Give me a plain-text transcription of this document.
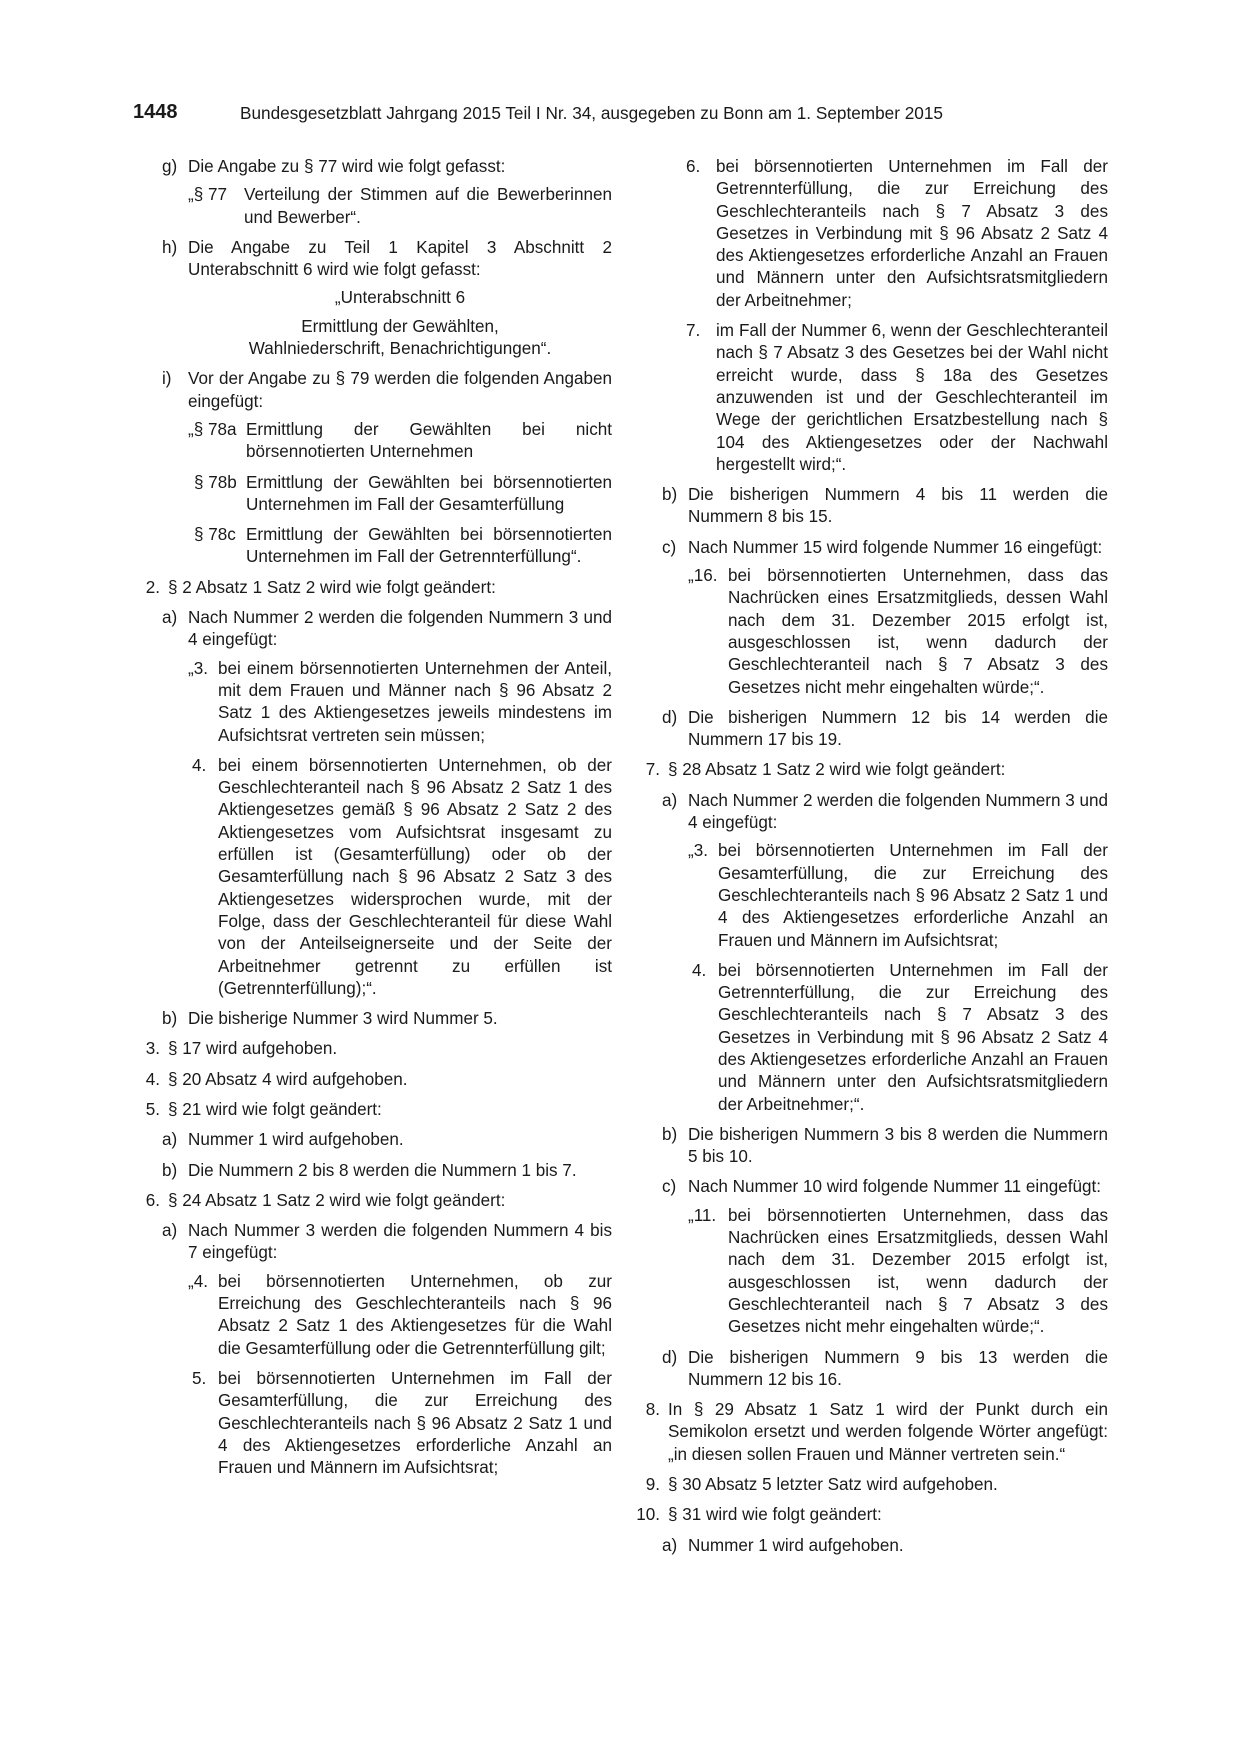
1448	Bundesgesetzblatt Jahrgang 2015 Teil I Nr. 34, ausgegeben zu Bonn am 1. September 2015
g) Die Angabe zu § 77 wird wie folgt gefasst:
„§ 77 Verteilung der Stimmen auf die Bewerberinnen und Bewerber“.
h) Die Angabe zu Teil 1 Kapitel 3 Abschnitt 2 Unterabschnitt 6 wird wie folgt gefasst:
„Unterabschnitt 6
Ermittlung der Gewählten,
Wahlniederschrift, Benachrichtigungen“.
i) Vor der Angabe zu § 79 werden die folgenden Angaben eingefügt:
„§ 78a Ermittlung der Gewählten bei nicht börsennotierten Unternehmen
§ 78b Ermittlung der Gewählten bei börsennotierten Unternehmen im Fall der Gesamterfüllung
§ 78c Ermittlung der Gewählten bei börsennotierten Unternehmen im Fall der Getrennterfüllung“.
2. § 2 Absatz 1 Satz 2 wird wie folgt geändert:
a) Nach Nummer 2 werden die folgenden Nummern 3 und 4 eingefügt:
„3. bei einem börsennotierten Unternehmen der Anteil, mit dem Frauen und Männer nach § 96 Absatz 2 Satz 1 des Aktiengesetzes jeweils mindestens im Aufsichtsrat vertreten sein müssen;
4. bei einem börsennotierten Unternehmen, ob der Geschlechteranteil nach § 96 Absatz 2 Satz 1 des Aktiengesetzes gemäß § 96 Absatz 2 Satz 2 des Aktiengesetzes vom Aufsichtsrat insgesamt zu erfüllen ist (Gesamterfüllung) oder ob der Gesamterfüllung nach § 96 Absatz 2 Satz 3 des Aktiengesetzes widersprochen wurde, mit der Folge, dass der Geschlechteranteil für diese Wahl von der Anteilseignerseite und der Seite der Arbeitnehmer getrennt zu erfüllen ist (Getrennterfüllung);“.
b) Die bisherige Nummer 3 wird Nummer 5.
3. § 17 wird aufgehoben.
4. § 20 Absatz 4 wird aufgehoben.
5. § 21 wird wie folgt geändert:
a) Nummer 1 wird aufgehoben.
b) Die Nummern 2 bis 8 werden die Nummern 1 bis 7.
6. § 24 Absatz 1 Satz 2 wird wie folgt geändert:
a) Nach Nummer 3 werden die folgenden Nummern 4 bis 7 eingefügt:
„4. bei börsennotierten Unternehmen, ob zur Erreichung des Geschlechteranteils nach § 96 Absatz 2 Satz 1 des Aktiengesetzes für die Wahl die Gesamterfüllung oder die Getrennterfüllung gilt;
5. bei börsennotierten Unternehmen im Fall der Gesamterfüllung, die zur Erreichung des Geschlechteranteils nach § 96 Absatz 2 Satz 1 und 4 des Aktiengesetzes erforderliche Anzahl an Frauen und Männern im Aufsichtsrat;
6. bei börsennotierten Unternehmen im Fall der Getrennterfüllung, die zur Erreichung des Geschlechteranteils nach § 7 Absatz 3 des Gesetzes in Verbindung mit § 96 Absatz 2 Satz 4 des Aktiengesetzes erforderliche Anzahl an Frauen und Männern unter den Aufsichtsratsmitgliedern der Arbeitnehmer;
7. im Fall der Nummer 6, wenn der Geschlechteranteil nach § 7 Absatz 3 des Gesetzes bei der Wahl nicht erreicht wurde, dass § 18a des Gesetzes anzuwenden ist und der Geschlechteranteil im Wege der gerichtlichen Ersatzbestellung nach § 104 des Aktiengesetzes oder der Nachwahl hergestellt wird;“.
b) Die bisherigen Nummern 4 bis 11 werden die Nummern 8 bis 15.
c) Nach Nummer 15 wird folgende Nummer 16 eingefügt:
„16. bei börsennotierten Unternehmen, dass das Nachrücken eines Ersatzmitglieds, dessen Wahl nach dem 31. Dezember 2015 erfolgt ist, ausgeschlossen ist, wenn dadurch der Geschlechteranteil nach § 7 Absatz 3 des Gesetzes nicht mehr eingehalten würde;“.
d) Die bisherigen Nummern 12 bis 14 werden die Nummern 17 bis 19.
7. § 28 Absatz 1 Satz 2 wird wie folgt geändert:
a) Nach Nummer 2 werden die folgenden Nummern 3 und 4 eingefügt:
„3. bei börsennotierten Unternehmen im Fall der Gesamterfüllung, die zur Erreichung des Geschlechteranteils nach § 96 Absatz 2 Satz 1 und 4 des Aktiengesetzes erforderliche Anzahl an Frauen und Männern im Aufsichtsrat;
4. bei börsennotierten Unternehmen im Fall der Getrennterfüllung, die zur Erreichung des Geschlechteranteils nach § 7 Absatz 3 des Gesetzes in Verbindung mit § 96 Absatz 2 Satz 4 des Aktiengesetzes erforderliche Anzahl an Frauen und Männern unter den Aufsichtsratsmitgliedern der Arbeitnehmer;“.
b) Die bisherigen Nummern 3 bis 8 werden die Nummern 5 bis 10.
c) Nach Nummer 10 wird folgende Nummer 11 eingefügt:
„11. bei börsennotierten Unternehmen, dass das Nachrücken eines Ersatzmitglieds, dessen Wahl nach dem 31. Dezember 2015 erfolgt ist, ausgeschlossen ist, wenn dadurch der Geschlechteranteil nach § 7 Absatz 3 des Gesetzes nicht mehr eingehalten würde;“.
d) Die bisherigen Nummern 9 bis 13 werden die Nummern 12 bis 16.
8. In § 29 Absatz 1 Satz 1 wird der Punkt durch ein Semikolon ersetzt und werden folgende Wörter angefügt: „in diesen sollen Frauen und Männer vertreten sein.“
9. § 30 Absatz 5 letzter Satz wird aufgehoben.
10. § 31 wird wie folgt geändert:
a) Nummer 1 wird aufgehoben.
